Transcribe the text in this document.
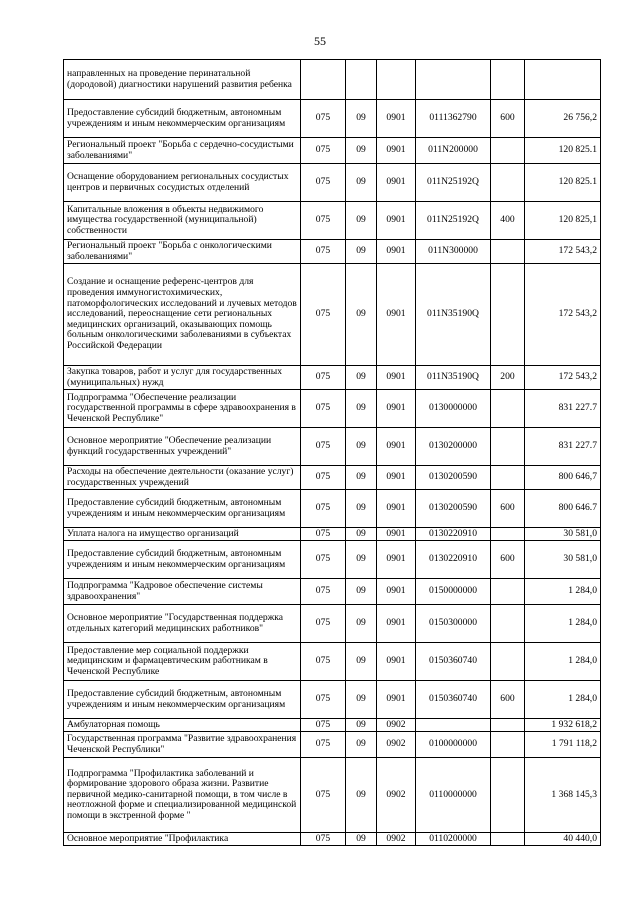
55
направленных на проведение перинатальной (дородовой) диагностики нарушений развития ребенка						
Предоставление субсидий бюджетным, автономным учреждениям и иным некоммерческим организациям	075	09	0901	0111362790	600	26 756,2
Региональный проект "Борьба с сердечно-сосудистыми заболеваниями"	075	09	0901	011N200000		120 825.1
Оснащение оборудованием региональных сосудистых центров и первичных сосудистых отделений	075	09	0901	011N25192Q		120 825.1
Капитальные вложения в объекты недвижимого имущества государственной (муниципальной) собственности	075	09	0901	011N25192Q	400	120 825,1
Региональный проект "Борьба с онкологическими заболеваниями"	075	09	0901	011N300000		172 543,2
Создание и оснащение референс-центров для проведения иммуногистохимических, патоморфологических исследований и лучевых методов исследований, переоснащение сети региональных медицинских организаций, оказывающих помощь больным онкологическими заболеваниями в субъектах Российской Федерации	075	09	0901	011N35190Q		172 543,2
Закупка товаров, работ и услуг для государственных (муниципальных) нужд	075	09	0901	011N35190Q	200	172 543,2
Подпрограмма "Обеспечение реализации государственной программы в сфере здравоохранения в Чеченской Республике"	075	09	0901	0130000000		831 227.7
Основное мероприятие "Обеспечение реализации функций государственных учреждений"	075	09	0901	0130200000		831 227.7
Расходы на обеспечение деятельности (оказание услуг) государственных учреждений	075	09	0901	0130200590		800 646,7
Предоставление субсидий бюджетным, автономным учреждениям и иным некоммерческим организациям	075	09	0901	0130200590	600	800 646.7
Уплата налога на имущество организаций	075	09	0901	0130220910		30 581,0
Предоставление субсидий бюджетным, автономным учреждениям и иным некоммерческим организациям	075	09	0901	0130220910	600	30 581,0
Подпрограмма "Кадровое обеспечение системы здравоохранения"	075	09	0901	0150000000		1 284,0
Основное мероприятие "Государственная поддержка отдельных категорий медицинских работников"	075	09	0901	0150300000		1 284,0
Предоставление мер социальной поддержки медицинским и фармацевтическим работникам в Чеченской Республике	075	09	0901	0150360740		1 284,0
Предоставление субсидий бюджетным, автономным учреждениям и иным некоммерческим организациям	075	09	0901	0150360740	600	1 284,0
Амбулаторная помощь	075	09	0902			1 932 618,2
Государственная программа "Развитие здравоохранения Чеченской Республики"	075	09	0902	0100000000		1 791 118,2
Подпрограмма "Профилактика заболеваний и формирование здорового образа жизни. Развитие первичной медико-санитарной помощи, в том числе в неотложной форме и специализированной медицинской помощи в экстренной форме "	075	09	0902	0110000000		1 368 145,3
Основное мероприятие "Профилактика	075	09	0902	0110200000		40 440,0
